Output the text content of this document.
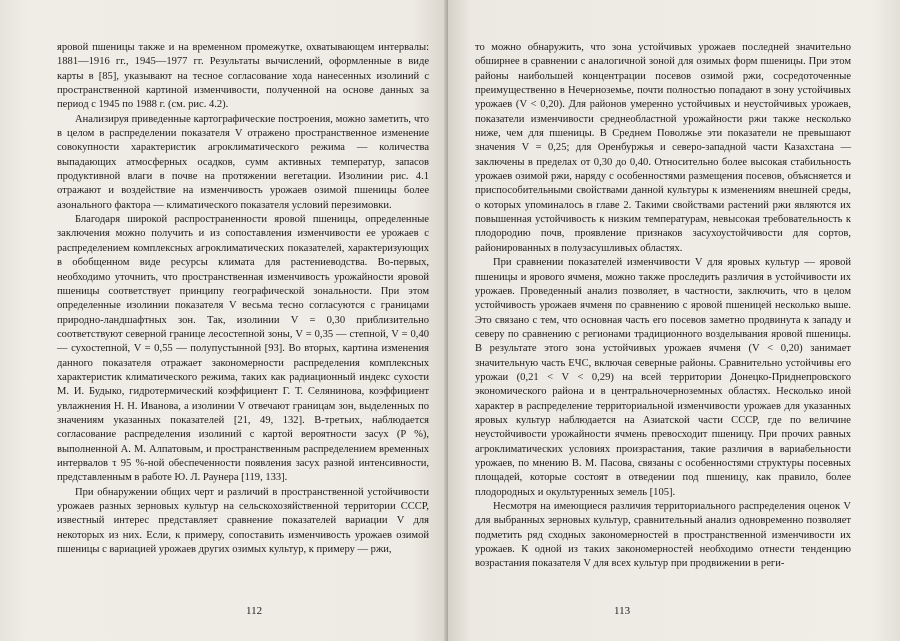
яровой пшеницы также и на временном промежутке, охватывающем интервалы: 1881—1916 гг., 1945—1977 гг. Результаты вычислений, оформленные в виде карты в [85], указывают на тесное согласование хода нанесенных изолиний с пространственной картиной изменчивости, полученной на основе данных за период с 1945 по 1988 г. (см. рис. 4.2).

Анализируя приведенные картографические построения, можно заметить, что в целом в распределении показателя V отражено пространственное изменение совокупности характеристик агроклиматического режима — количества выпадающих атмосферных осадков, сумм активных температур, запасов продуктивной влаги в почве на протяжении вегетации. Изолинии рис. 4.1 отражают и воздействие на изменчивость урожаев озимой пшеницы более азонального фактора — климатического показателя условий перезимовки.

Благодаря широкой распространенности яровой пшеницы, определенные заключения можно получить и из сопоставления изменчивости ее урожаев с распределением комплексных агроклиматических показателей, характеризующих в обобщенном виде ресурсы климата для растениеводства. Во-первых, необходимо уточнить, что пространственная изменчивость урожайности яровой пшеницы соответствует принципу географической зональности. При этом определенные изолинии показателя V весьма тесно согласуются с границами природно-ландшафтных зон. Так, изолинии V = 0,30 приблизительно соответствуют северной границе лесостепной зоны, V = 0,35 — степной, V = 0,40 — сухостепной, V = 0,55 — полупустынной [93]. Во вторых, картина изменения данного показателя отражает закономерности распределения комплексных характеристик климатического режима, таких как радиационный индекс сухости М. И. Будыко, гидротермический коэффициент Г. Т. Селянинова, коэффициент увлажнения Н. Н. Иванова, а изолинии V отвечают границам зон, выделенных по значениям указанных показателей [21, 49, 132]. В-третьих, наблюдается согласование распределения изолиний с картой вероятности засух (P %), выполненной А. М. Алпатовым, и пространственным распределением временных интервалов τ 95 %-ной обеспеченности появления засух разной интенсивности, представленным в работе Ю. Л. Раунера [119, 133].

При обнаружении общих черт и различий в пространственной устойчивости урожаев разных зерновых культур на сельскохозяйственной территории СССР, известный интерес представляет сравнение показателей вариации V для некоторых из них. Если, к примеру, сопоставить изменчивость урожаев озимой пшеницы с вариацией урожаев других озимых культур, к примеру — ржи,

112

то можно обнаружить, что зона устойчивых урожаев последней значительно обширнее в сравнении с аналогичной зоной для озимых форм пшеницы. При этом районы наибольшей концентрации посевов озимой ржи, сосредоточенные преимущественно в Нечерноземье, почти полностью попадают в зону устойчивых урожаев (V < 0,20). Для районов умеренно устойчивых и неустойчивых урожаев, показатели изменчивости среднеобластной урожайности ржи также несколько ниже, чем для пшеницы. В Среднем Поволжье эти показатели не превышают значения V = 0,25; для Оренбуржья и северо-западной части Казахстана — заключены в пределах от 0,30 до 0,40. Относительно более высокая стабильность урожаев озимой ржи, наряду с особенностями размещения посевов, объясняется и приспособительными свойствами данной культуры к изменениям внешней среды, о которых упоминалось в главе 2. Такими свойствами растений ржи являются их повышенная устойчивость к низким температурам, невысокая требовательность к плодородию почв, проявление признаков засухоустойчивости для сортов, районированных в полузасушливых областях.

При сравнении показателей изменчивости V для яровых культур — яровой пшеницы и ярового ячменя, можно также проследить различия в устойчивости их урожаев. Проведенный анализ позволяет, в частности, заключить, что в целом устойчивость урожаев ячменя по сравнению с яровой пшеницей несколько выше. Это связано с тем, что основная часть его посевов заметно продвинута к западу и северу по сравнению с регионами традиционного возделывания яровой пшеницы. В результате этого зона устойчивых урожаев ячменя (V < 0,20) занимает значительную часть ЕЧС, включая северные районы. Сравнительно устойчивы его урожаи (0,21 < V < 0,29) на всей территории Донецко-Приднепровского экономического района и в центральночерноземных областях. Несколько иной характер в распределение территориальной изменчивости урожаев для указанных яровых культур наблюдается на Азиатской части СССР, где по величине неустойчивости урожайности ячмень превосходит пшеницу. При прочих равных агроклиматических условиях произрастания, такие различия в вариабельности урожаев, по мнению В. М. Пасова, связаны с особенностями структуры посевных площадей, которые состоят в отведении под пшеницу, как правило, более плодородных и окультуренных земель [105].

Несмотря на имеющиеся различия территориального распределения оценок V для выбранных зерновых культур, сравнительный анализ одновременно позволяет подметить ряд сходных закономерностей в пространственной изменчивости их урожаев. К одной из таких закономерностей необходимо отнести тенденцию возрастания показателя V для всех культур при продвижении в реги-

113
